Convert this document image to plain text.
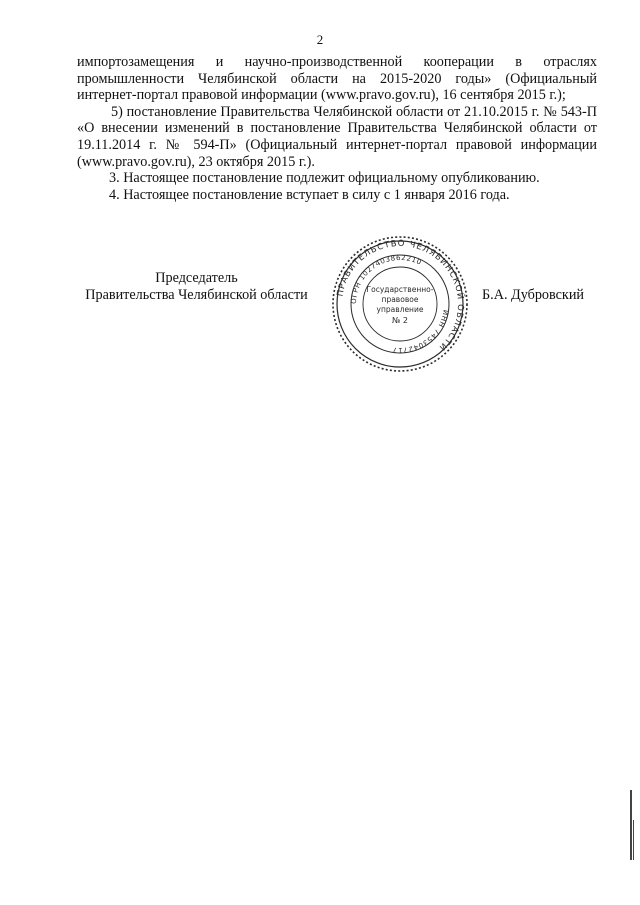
2

импортозамещения и научно-производственной кооперации в отраслях промышленности Челябинской области на 2015-2020 годы» (Официальный интернет-портал правовой информации (www.pravo.gov.ru), 16 сентября 2015 г.);

5) постановление Правительства Челябинской области от 21.10.2015 г. № 543-П «О внесении изменений в постановление Правительства Челябинской области от 19.11.2014 г. № 594-П» (Официальный интернет-портал правовой информации (www.pravo.gov.ru), 23 октября 2015 г.).

3. Настоящее постановление подлежит официальному опубликованию.

4. Настоящее постановление вступает в силу с 1 января 2016 года.

Председатель
Правительства Челябинской области	ПРАВИТЕЛЬСТВО ЧЕЛЯБИНСКОЙ ОБЛАСТИ
ОГРН 1027403862210
ИНН 7453042717
Государственно-
правовое
управление
№ 2
Б.А. Дубровский
